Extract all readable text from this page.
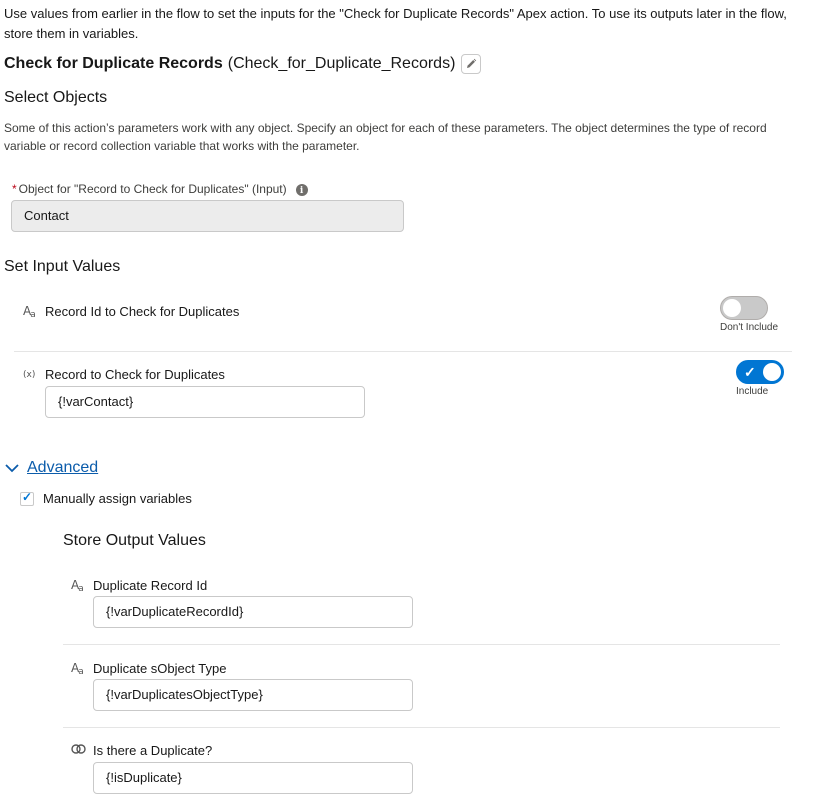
Use values from earlier in the flow to set the inputs for the "Check for Duplicate Records" Apex action. To use its outputs later in the flow, store them in variables.
Check for Duplicate Records (Check_for_Duplicate_Records)
Select Objects
Some of this action’s parameters work with any object. Specify an object for each of these parameters. The object determines the type of record variable or record collection variable that works with the parameter.
* Object for "Record to Check for Duplicates" (Input)
i
Contact
Set Input Values
Aa Record Id to Check for Duplicates
Don't Include
(x) Record to Check for Duplicates
{!varContact}
✓
Include
Advanced
✓ Manually assign variables
Store Output Values
Aa Duplicate Record Id
{!varDuplicateRecordId}
Aa Duplicate sObject Type
{!varDuplicatesObjectType}
Is there a Duplicate?
{!isDuplicate}
